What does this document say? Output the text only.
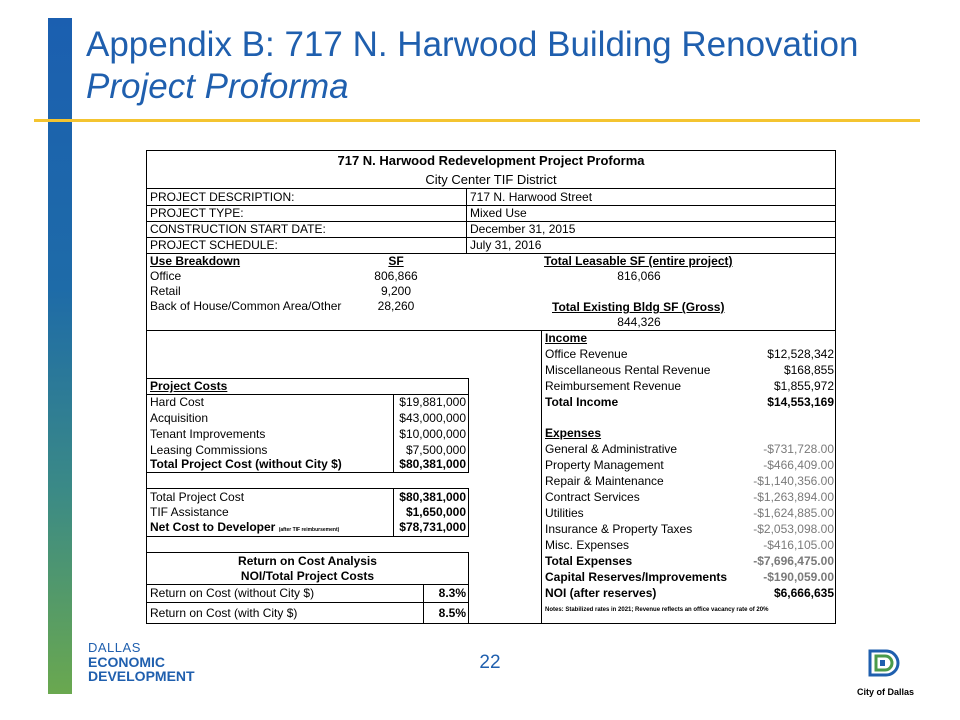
Appendix B: 717 N. Harwood Building Renovation Project Proforma
717 N. Harwood Redevelopment Project Proforma
City Center TIF District
PROJECT DESCRIPTION:	717 N. Harwood Street
PROJECT TYPE:	Mixed Use
CONSTRUCTION START DATE:	December 31, 2015
PROJECT SCHEDULE:	July 31, 2016
Use Breakdown	SF
Office	806,866
Retail	9,200
Back of House/Common Area/Other	28,260
Total Leasable SF (entire project)
816,066
Total Existing Bldg SF (Gross)
844,326
Income
Office Revenue	$12,528,342
Miscellaneous Rental Revenue	$168,855
Reimbursement Revenue	$1,855,972
Total Income	$14,553,169
Expenses
General & Administrative	-$731,728.00
Property Management	-$466,409.00
Repair & Maintenance	-$1,140,356.00
Contract Services	-$1,263,894.00
Utilities	-$1,624,885.00
Insurance & Property Taxes	-$2,053,098.00
Misc. Expenses	-$416,105.00
Total Expenses	-$7,696,475.00
Capital Reserves/Improvements	-$190,059.00
NOI (after reserves)	$6,666,635
Notes: Stabilized rates in 2021; Revenue reflects an office vacancy rate of 20%
Project Costs
Hard Cost	$19,881,000
Acquisition	$43,000,000
Tenant Improvements	$10,000,000
Leasing Commissions	$7,500,000
Total Project Cost (without City $)	$80,381,000
Total Project Cost	$80,381,000
TIF Assistance	$1,650,000
Net Cost to Developer (after TIF reimbursement)	$78,731,000
Return on Cost Analysis
NOI/Total Project Costs
Return on Cost (without City $)	8.3%
Return on Cost (with City $)	8.5%
DALLAS
ECONOMIC
DEVELOPMENT
22
City of Dallas
